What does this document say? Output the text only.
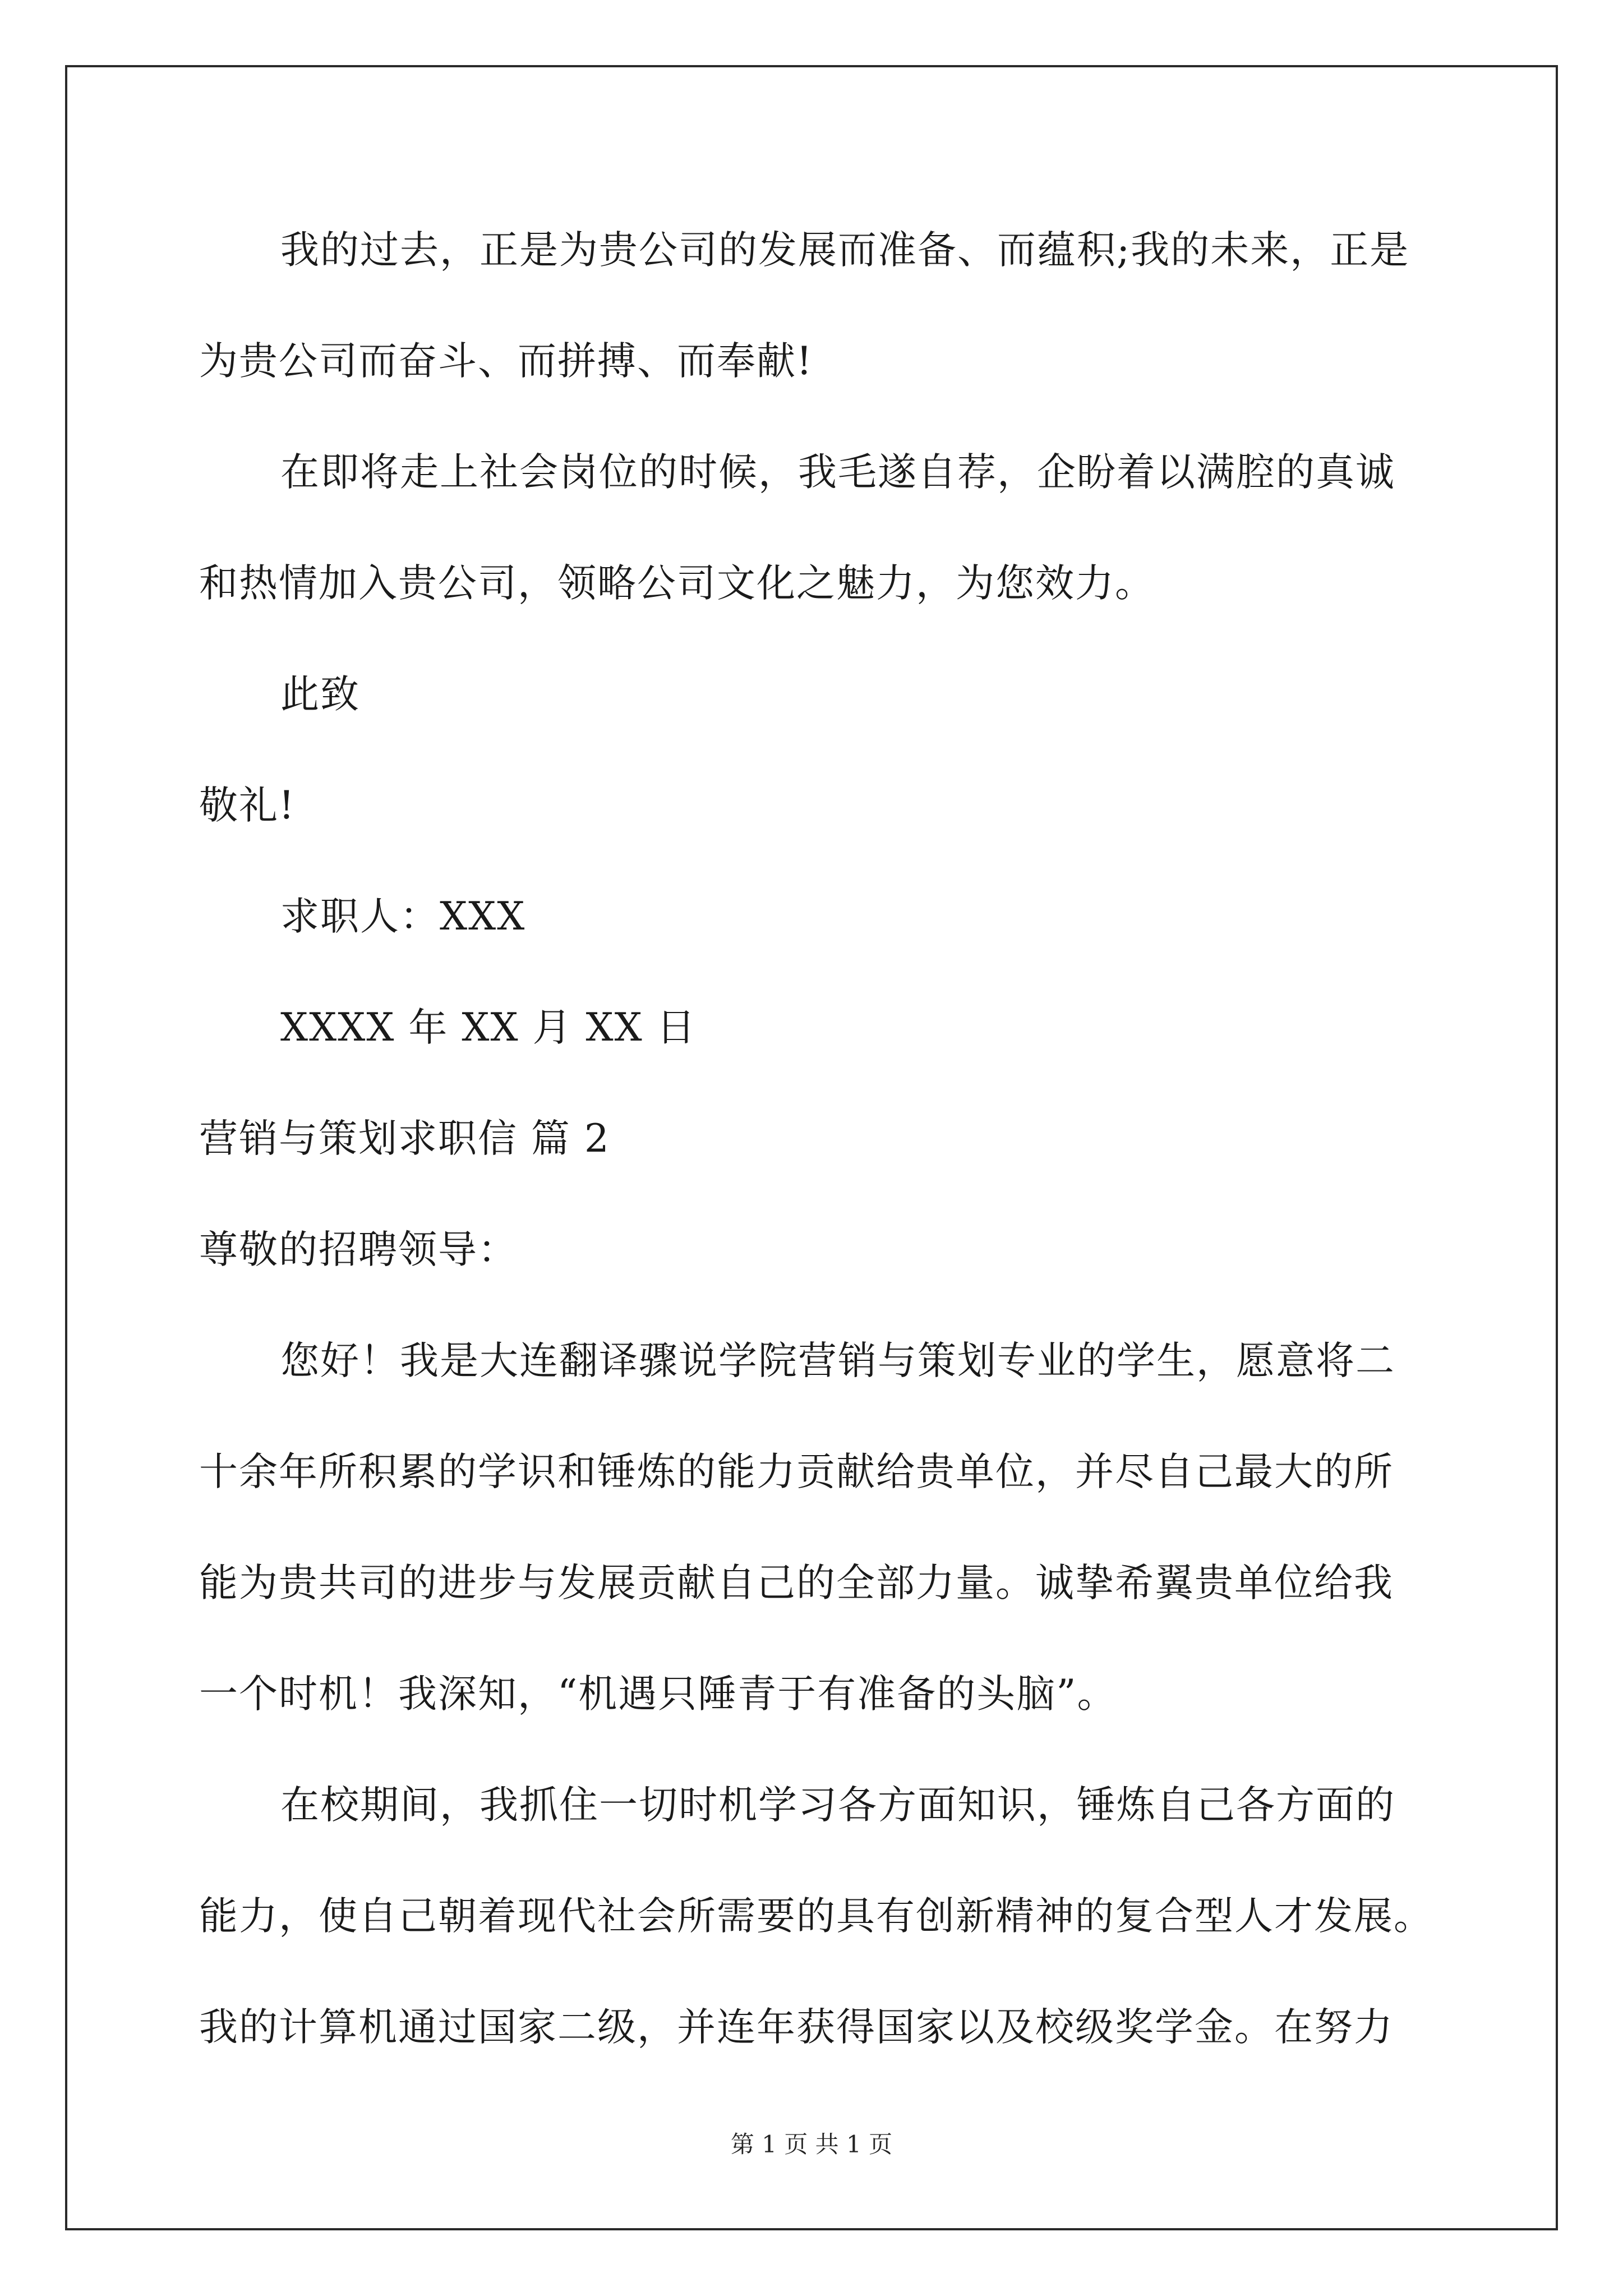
我的过去，正是为贵公司的发展而准备、而蕴积;我的未来，正是
为贵公司而奋斗、而拼搏、而奉献!
在即将走上社会岗位的时候，我毛遂自荐，企盼着以满腔的真诚
和热情加入贵公司，领略公司文化之魅力，为您效力。
此致
敬礼!
求职人：XXX
XXXX 年 XX 月 XX 日
营销与策划求职信 篇 2
尊敬的招聘领导：
您好！我是大连翻译骤说学院营销与策划专业的学生，愿意将二
十余年所积累的学识和锤炼的能力贡献给贵单位，并尽自己最大的所
能为贵共司的进步与发展贡献自己的全部力量。诚挚希翼贵单位给我
一个时机！我深知，“机遇只陲青于有准备的头脑”。
在校期间，我抓住一切时机学习各方面知识，锤炼自己各方面的
能力，使自己朝着现代社会所需要的具有创新精神的复合型人才发展。
我的计算机通过国家二级，并连年获得国家以及校级奖学金。在努力
第 1 页 共 1 页
